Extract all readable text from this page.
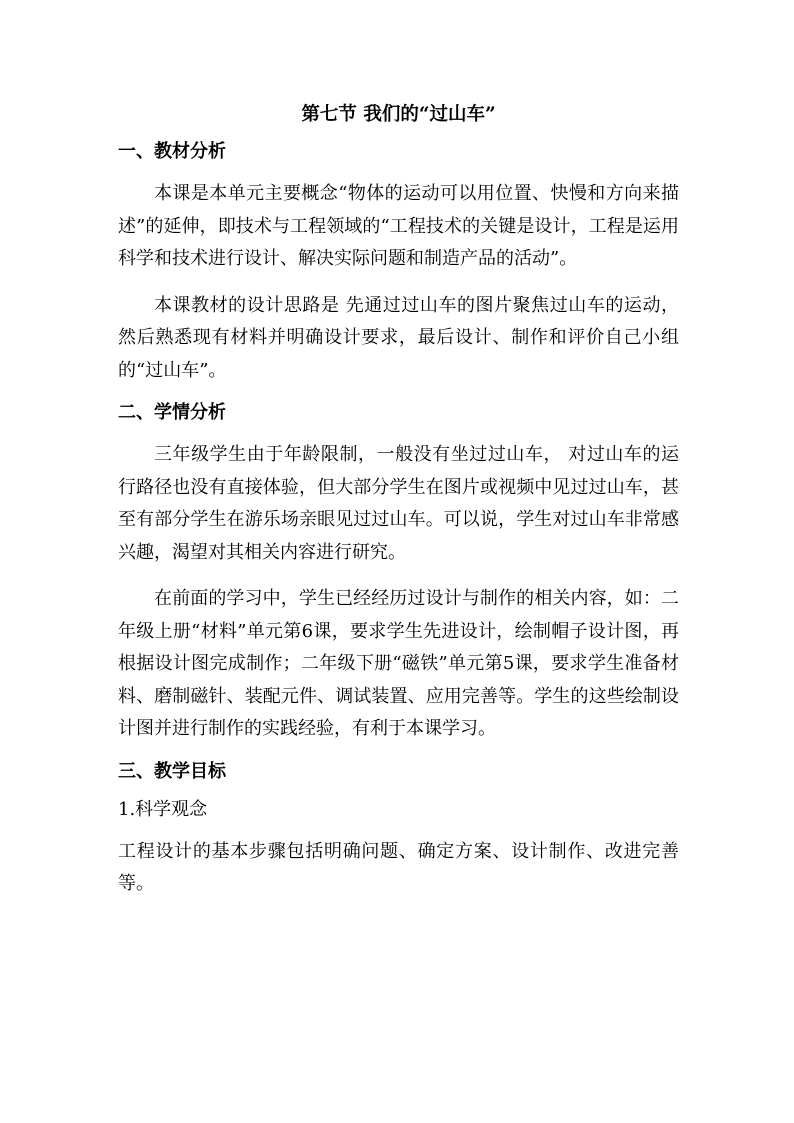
第七节 我们的“过山车”
一、教材分析

本课是本单元主要概念“物体的运动可以用位置、快慢和方向来描述”的延伸，即技术与工程领域的“工程技术的关键是设计，工程是运用科学和技术进行设计、解决实际问题和制造产品的活动”。

本课教材的设计思路是 先通过过山车的图片聚焦过山车的运动，然后熟悉现有材料并明确设计要求，最后设计、制作和评价自己小组的“过山车”。

二、学情分析

三年级学生由于年龄限制，一般没有坐过过山车， 对过山车的运行路径也没有直接体验，但大部分学生在图片或视频中见过过山车，甚至有部分学生在游乐场亲眼见过过山车。可以说，学生对过山车非常感兴趣，渴望对其相关内容进行研究。

在前面的学习中，学生已经经历过设计与制作的相关内容，如：二年级上册“材料”单元第6课，要求学生先进设计，绘制帽子设计图，再根据设计图完成制作；二年级下册“磁铁”单元第5课，要求学生准备材料、磨制磁针、装配元件、调试装置、应用完善等。学生的这些绘制设计图并进行制作的实践经验，有利于本课学习。

三、教学目标
1.科学观念

工程设计的基本步骤包括明确问题、确定方案、设计制作、改进完善等。
